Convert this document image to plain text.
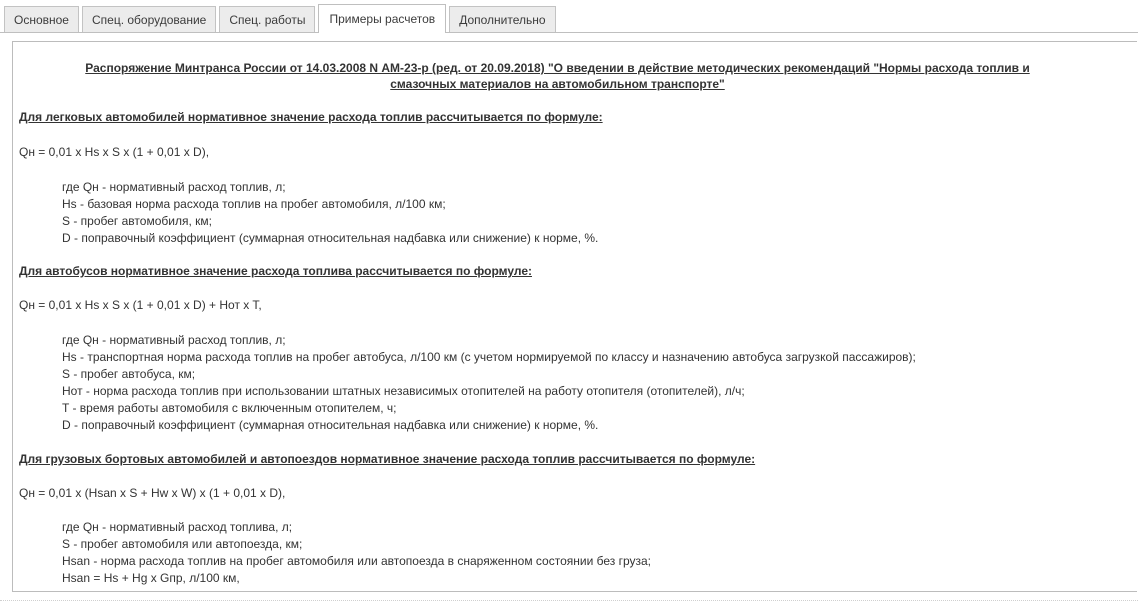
Основное	Спец. оборудование	Спец. работы	Примеры расчетов	Дополнительно
Распоряжение Минтранса России от 14.03.2008 N АМ-23-р (ред. от 20.09.2018) "О введении в действие методических рекомендаций "Нормы расхода топлив и
смазочных материалов на автомобильном транспорте"
Для легковых автомобилей нормативное значение расхода топлив рассчитывается по формуле:
Qн = 0,01 x Hs x S x (1 + 0,01 x D),
где Qн - нормативный расход топлив, л;
Hs - базовая норма расхода топлив на пробег автомобиля, л/100 км;
S - пробег автомобиля, км;
D - поправочный коэффициент (суммарная относительная надбавка или снижение) к норме, %.
Для автобусов нормативное значение расхода топлива рассчитывается по формуле:
Qн = 0,01 x Hs x S x (1 + 0,01 x D) + Hот x T,
где Qн - нормативный расход топлив, л;
Hs - транспортная норма расхода топлив на пробег автобуса, л/100 км (с учетом нормируемой по классу и назначению автобуса загрузкой пассажиров);
S - пробег автобуса, км;
Hот - норма расхода топлив при использовании штатных независимых отопителей на работу отопителя (отопителей), л/ч;
T - время работы автомобиля с включенным отопителем, ч;
D - поправочный коэффициент (суммарная относительная надбавка или снижение) к норме, %.
Для грузовых бортовых автомобилей и автопоездов нормативное значение расхода топлив рассчитывается по формуле:
Qн = 0,01 x (Hsan x S + Hw x W) x (1 + 0,01 x D),
где Qн - нормативный расход топлива, л;
S - пробег автомобиля или автопоезда, км;
Hsan - норма расхода топлив на пробег автомобиля или автопоезда в снаряженном состоянии без груза;
Hsan = Hs + Hg x Gпр, л/100 км,
